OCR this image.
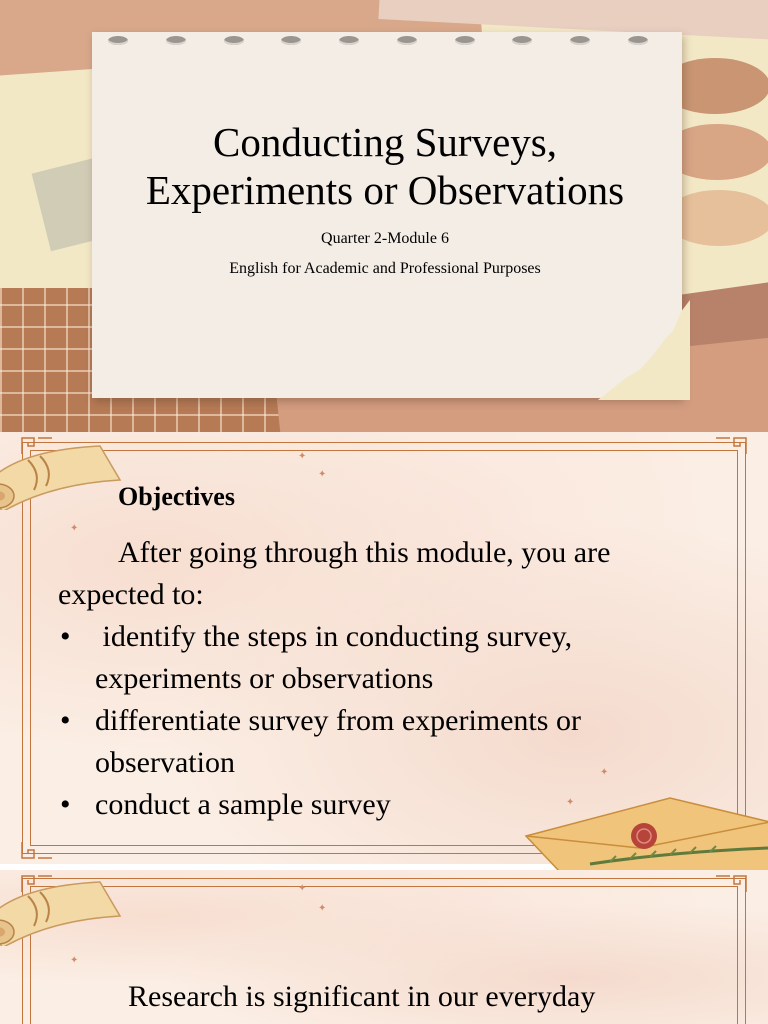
Conducting Surveys,
Experiments or Observations
Quarter 2-Module 6
English for Academic and Professional Purposes
✦
✦
✦
✦
✦
Objectives
After going through this module, you are expected to:
• identify the steps in conducting survey, experiments or observations
• differentiate survey from experiments or observation
• conduct a sample survey
✦
✦
✦
Research is significant in our everyday
